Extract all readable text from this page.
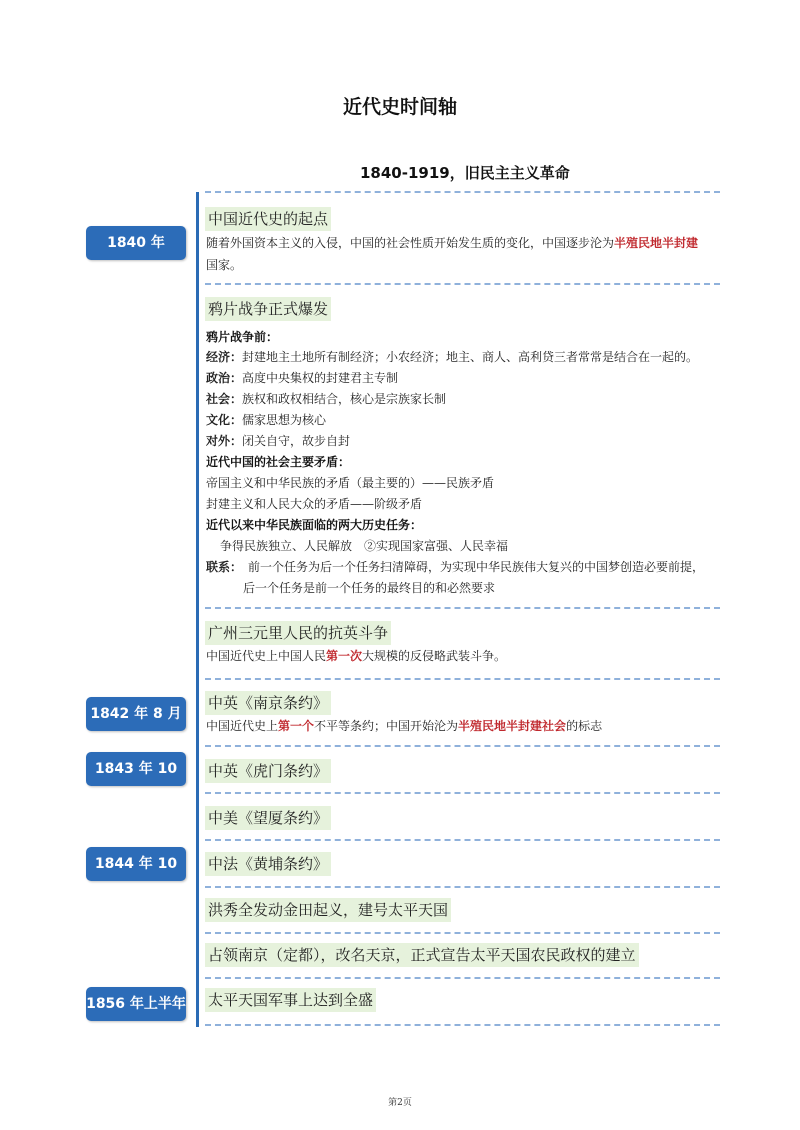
近代史时间轴
1840-1919，旧民主主义革命
1840 年
1842 年 8 月
1843 年 10 月
1844 年 10 月
1856 年上半年
中国近代史的起点
随着外国资本主义的入侵，中国的社会性质开始发生质的变化，中国逐步沦为半殖民地半封建
国家。
鸦片战争正式爆发
鸦片战争前：
经济：封建地主土地所有制经济；小农经济；地主、商人、高利贷三者常常是结合在一起的。
政治：高度中央集权的封建君主专制
社会：族权和政权相结合，核心是宗族家长制
文化：儒家思想为核心
对外：闭关自守，故步自封
近代中国的社会主要矛盾：
帝国主义和中华民族的矛盾（最主要的）——民族矛盾
封建主义和人民大众的矛盾——阶级矛盾
近代以来中华民族面临的两大历史任务：
争得民族独立、人民解放　②实现国家富强、人民幸福
联系：　 前一个任务为后一个任务扫清障碍，为实现中华民族伟大复兴的中国梦创造必要前提，
后一个任务是前一个任务的最终目的和必然要求
广州三元里人民的抗英斗争
中国近代史上中国人民第一次大规模的反侵略武装斗争。
中英《南京条约》
中国近代史上第一个不平等条约；中国开始沦为半殖民地半封建社会的标志
中英《虎门条约》
中美《望厦条约》
中法《黄埔条约》
洪秀全发动金田起义，建号太平天国
占领南京（定都），改名天京，正式宣告太平天国农民政权的建立
太平天国军事上达到全盛
第2页
